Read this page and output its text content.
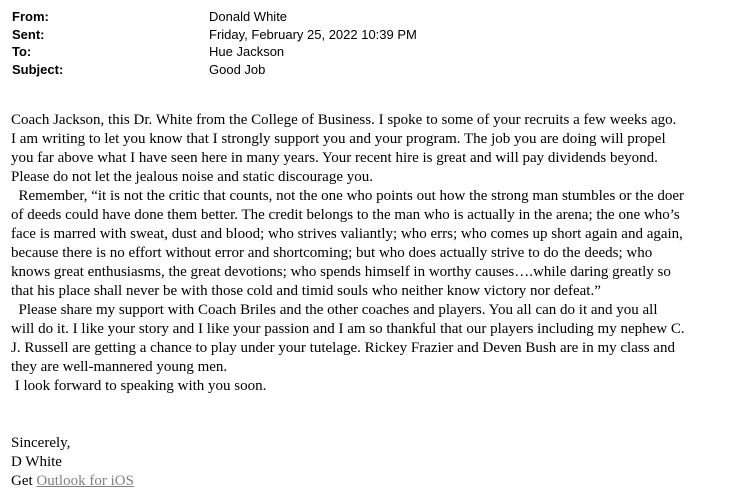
From:	Donald White
Sent:	Friday, February 25, 2022 10:39 PM
To:	Hue Jackson
Subject:	Good Job
Coach Jackson, this Dr. White from the College of Business. I spoke to some of your recruits a few weeks ago.
I am writing to let you know that I strongly support you and your program. The job you are doing will propel
you far above what I have seen here in many years. Your recent hire is great and will pay dividends beyond.
Please do not let the jealous noise and static discourage you.
Remember, “it is not the critic that counts, not the one who points out how the strong man stumbles or the doer
of deeds could have done them better. The credit belongs to the man who is actually in the arena; the one who’s
face is marred with sweat, dust and blood; who strives valiantly; who errs; who comes up short again and again,
because there is no effort without error and shortcoming; but who does actually strive to do the deeds; who
knows great enthusiasms, the great devotions; who spends himself in worthy causes….while daring greatly so
that his place shall never be with those cold and timid souls who neither know victory nor defeat.”
Please share my support with Coach Briles and the other coaches and players. You all can do it and you all
will do it. I like your story and I like your passion and I am so thankful that our players including my nephew C.
J. Russell are getting a chance to play under your tutelage. Rickey Frazier and Deven Bush are in my class and
they are well-mannered young men.
I look forward to speaking with you soon.
Sincerely,
D White
Get Outlook for iOS
